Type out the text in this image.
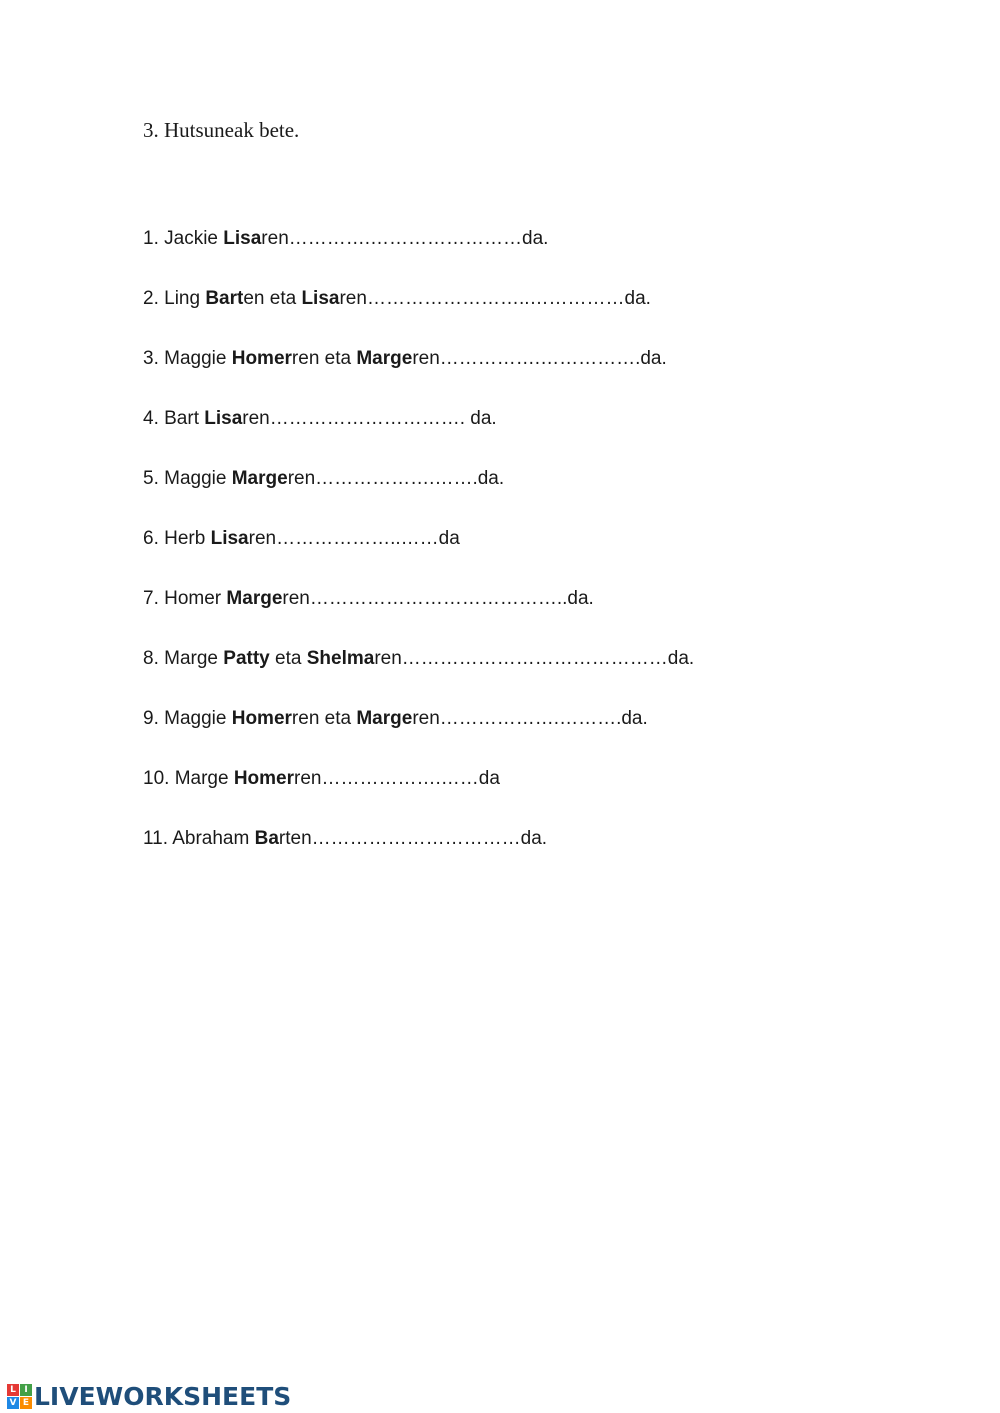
3. Hutsuneak bete.
1. Jackie Lisaren………….……………………da.
2. Ling Barten eta Lisaren……………………..……………da.
3. Maggie Homerren eta Margeren…………….…………….da.
4. Bart Lisaren…………………………. da.
5. Maggie Margeren……………….…….da.
6. Herb Lisaren………………..……da
7. Homer Margeren…………………………………..da.
8. Marge Patty eta Shelmaren……………………………………da.
9. Maggie Homerren eta Margeren……………….……….da.
10. Marge Homerren……………….……da
11. Abraham Barten……………………………da.
L I
V E LIVEWORKSHEETS
